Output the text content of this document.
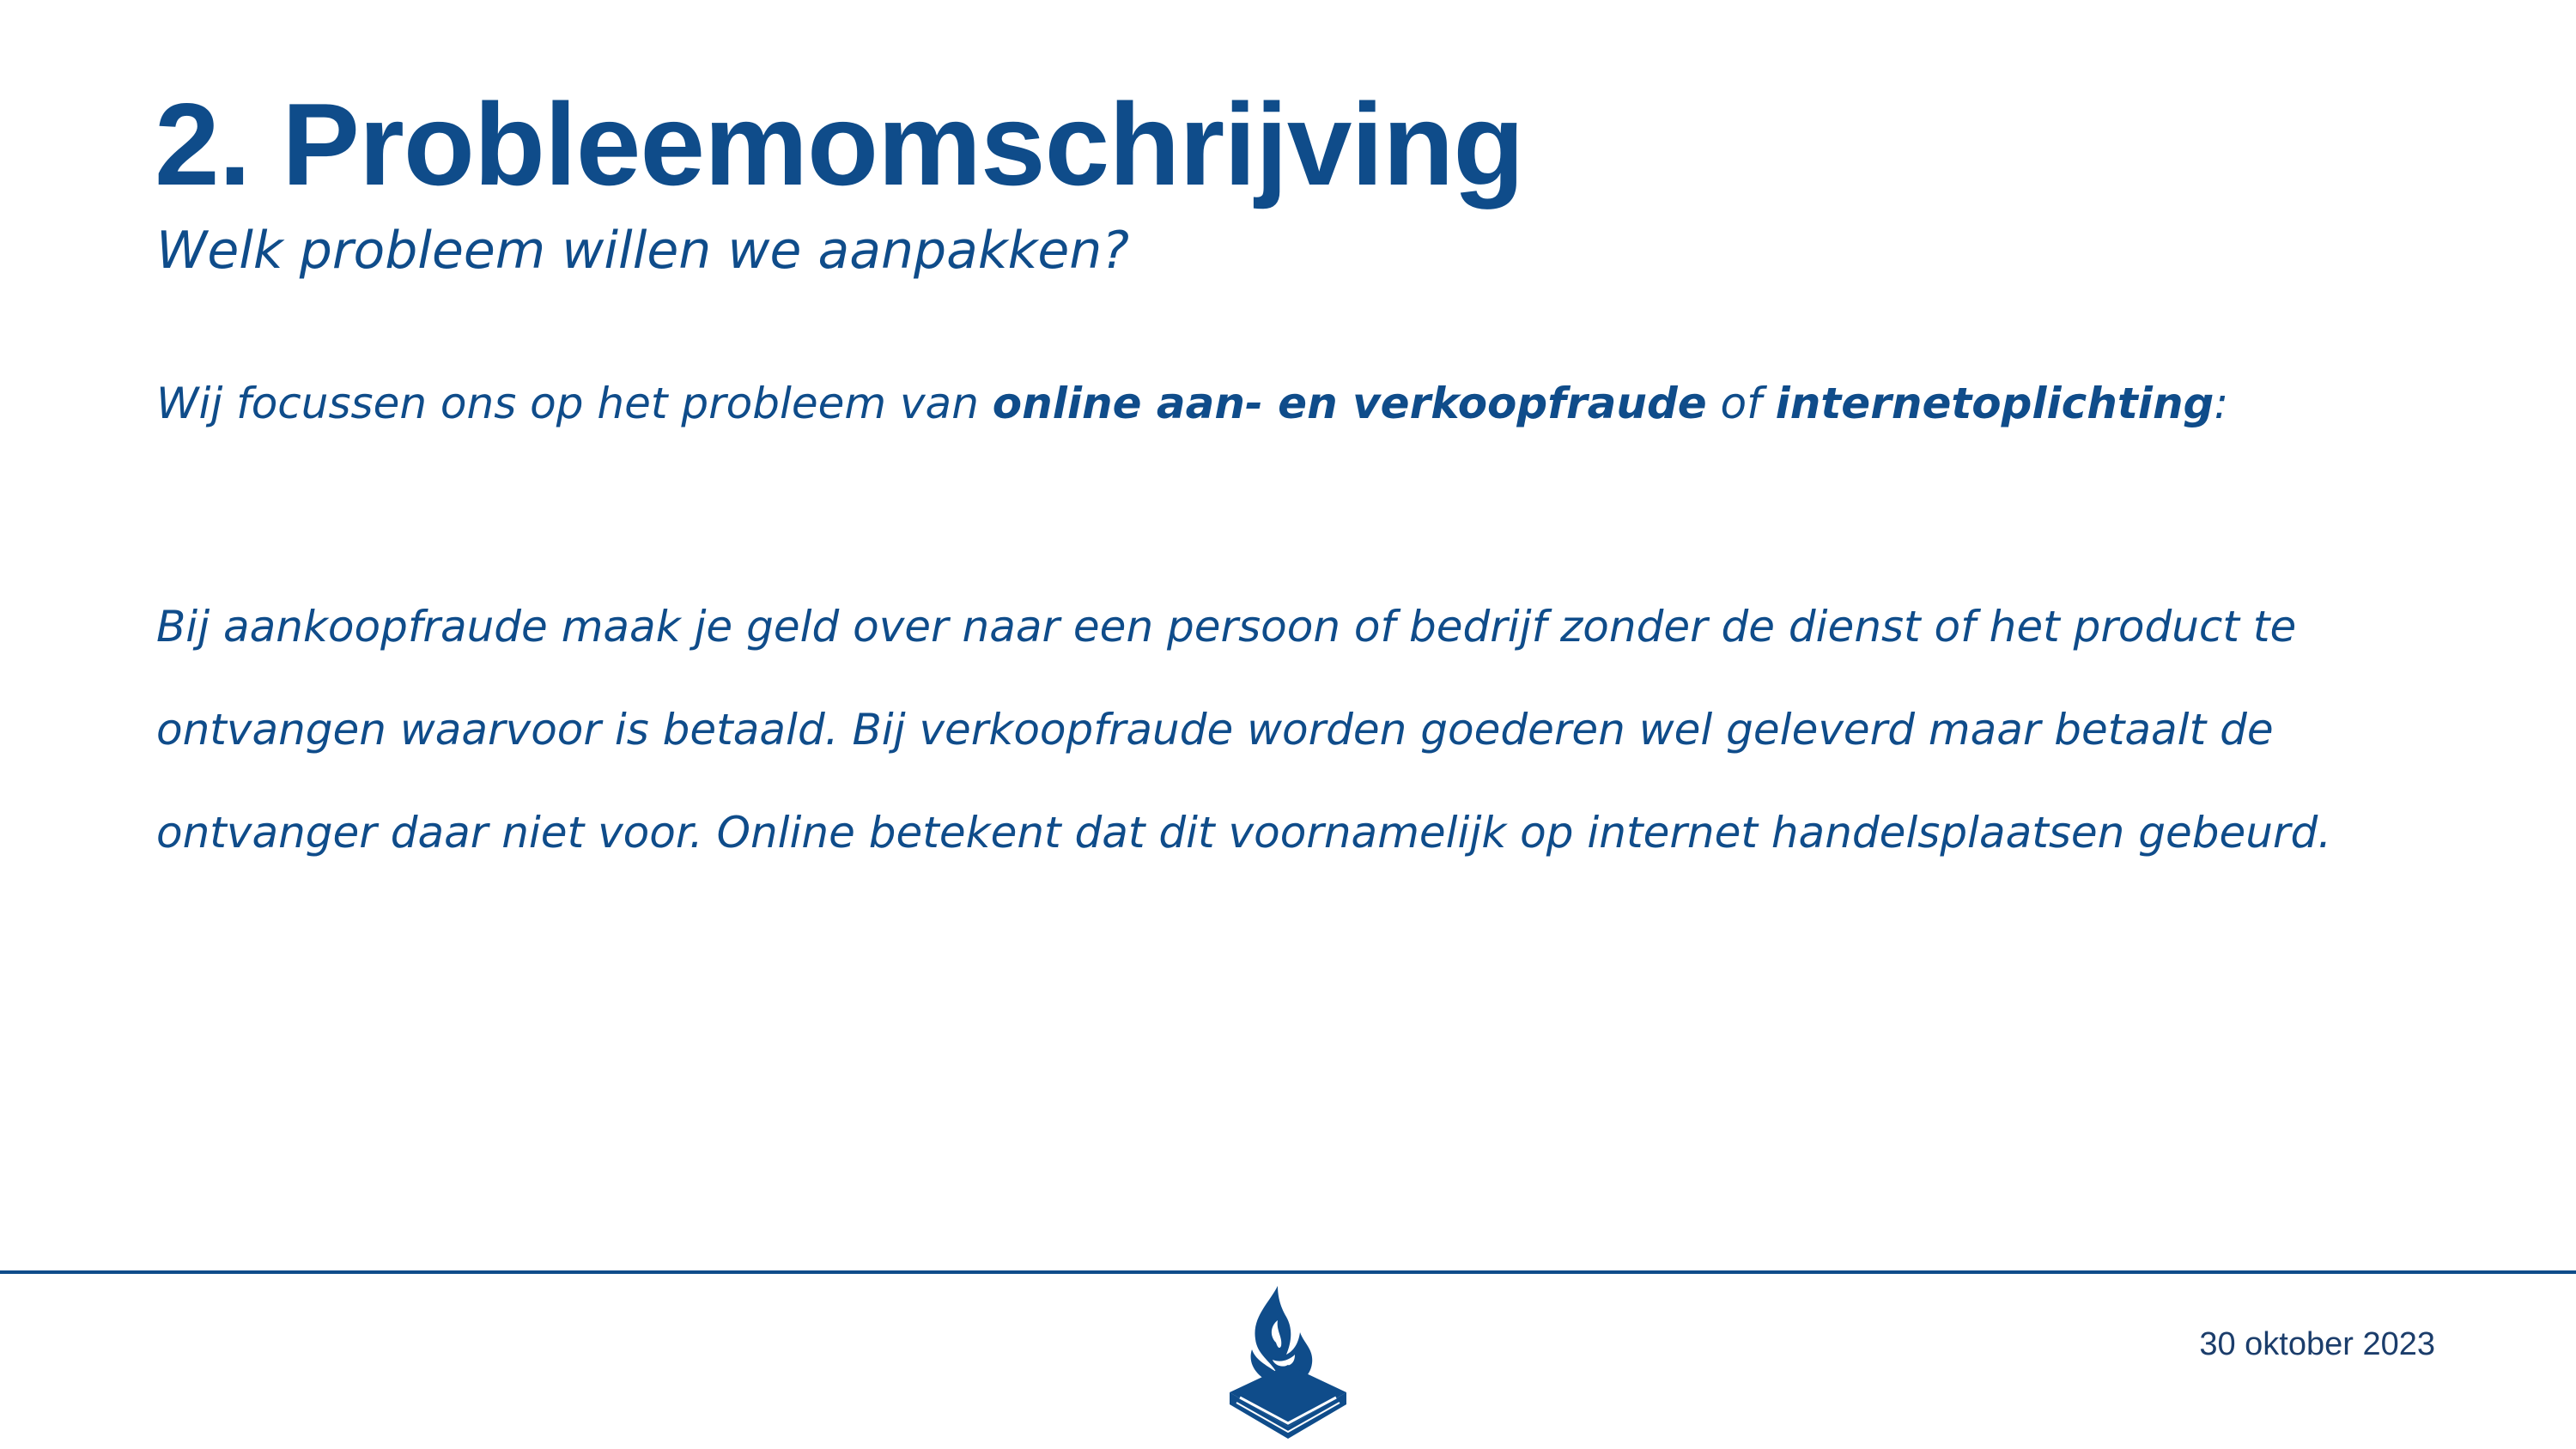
2. Probleemomschrijving

Welk probleem willen we aanpakken?

Wij focussen ons op het probleem van online aan- en verkoopfraude of internetoplichting:

Bij aankoopfraude maak je geld over naar een persoon of bedrijf zonder de dienst of het product te
ontvangen waarvoor is betaald. Bij verkoopfraude worden goederen wel geleverd maar betaalt de
ontvanger daar niet voor. Online betekent dat dit voornamelijk op internet handelsplaatsen gebeurd.

30 oktober 2023
